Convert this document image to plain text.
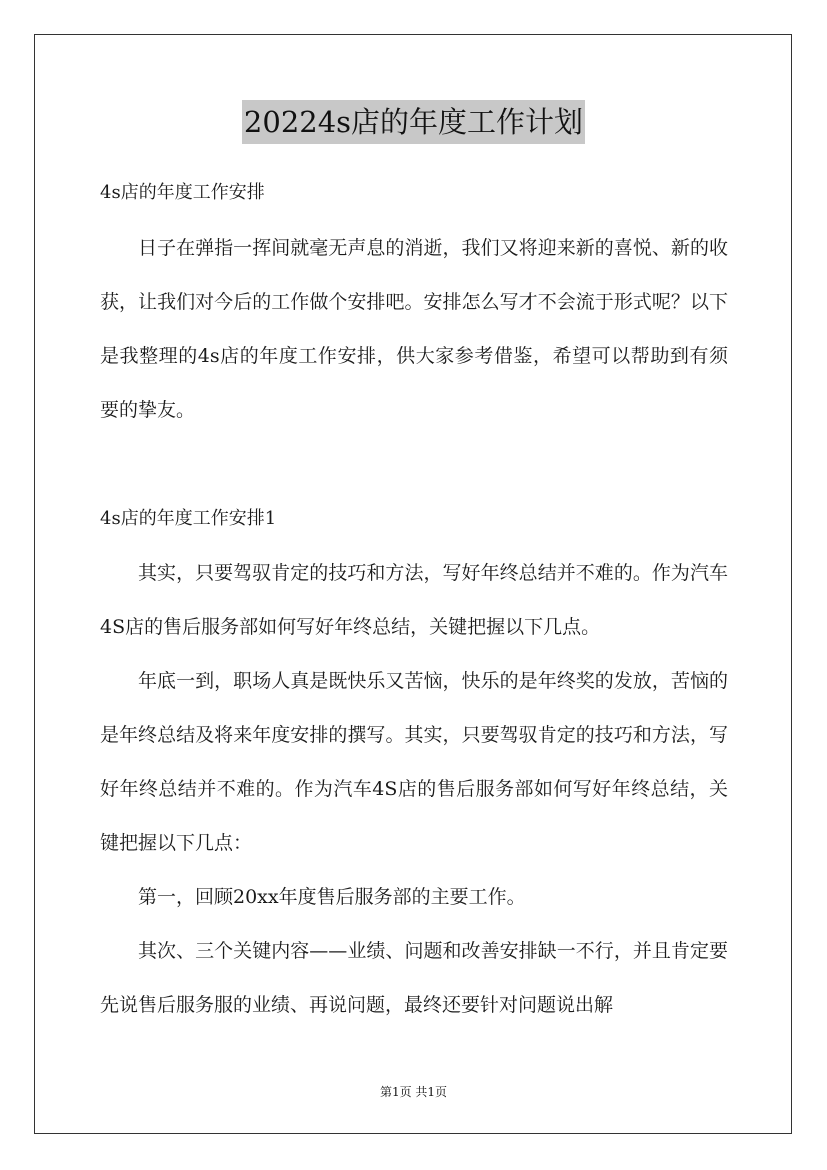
20224s店的年度工作计划
4s店的年度工作安排
日子在弹指一挥间就毫无声息的消逝，我们又将迎来新的喜悦、新的收获，让我们对今后的工作做个安排吧。安排怎么写才不会流于形式呢？以下是我整理的4s店的年度工作安排，供大家参考借鉴，希望可以帮助到有须要的挚友。
4s店的年度工作安排1
其实，只要驾驭肯定的技巧和方法，写好年终总结并不难的。作为汽车4S店的售后服务部如何写好年终总结，关键把握以下几点。
年底一到，职场人真是既快乐又苦恼，快乐的是年终奖的发放，苦恼的是年终总结及将来年度安排的撰写。其实，只要驾驭肯定的技巧和方法，写好年终总结并不难的。作为汽车4S店的售后服务部如何写好年终总结，关键把握以下几点：
第一，回顾20xx年度售后服务部的主要工作。
其次、三个关键内容——业绩、问题和改善安排缺一不行，并且肯定要先说售后服务服的业绩、再说问题，最终还要针对问题说出解
第1页 共1页
